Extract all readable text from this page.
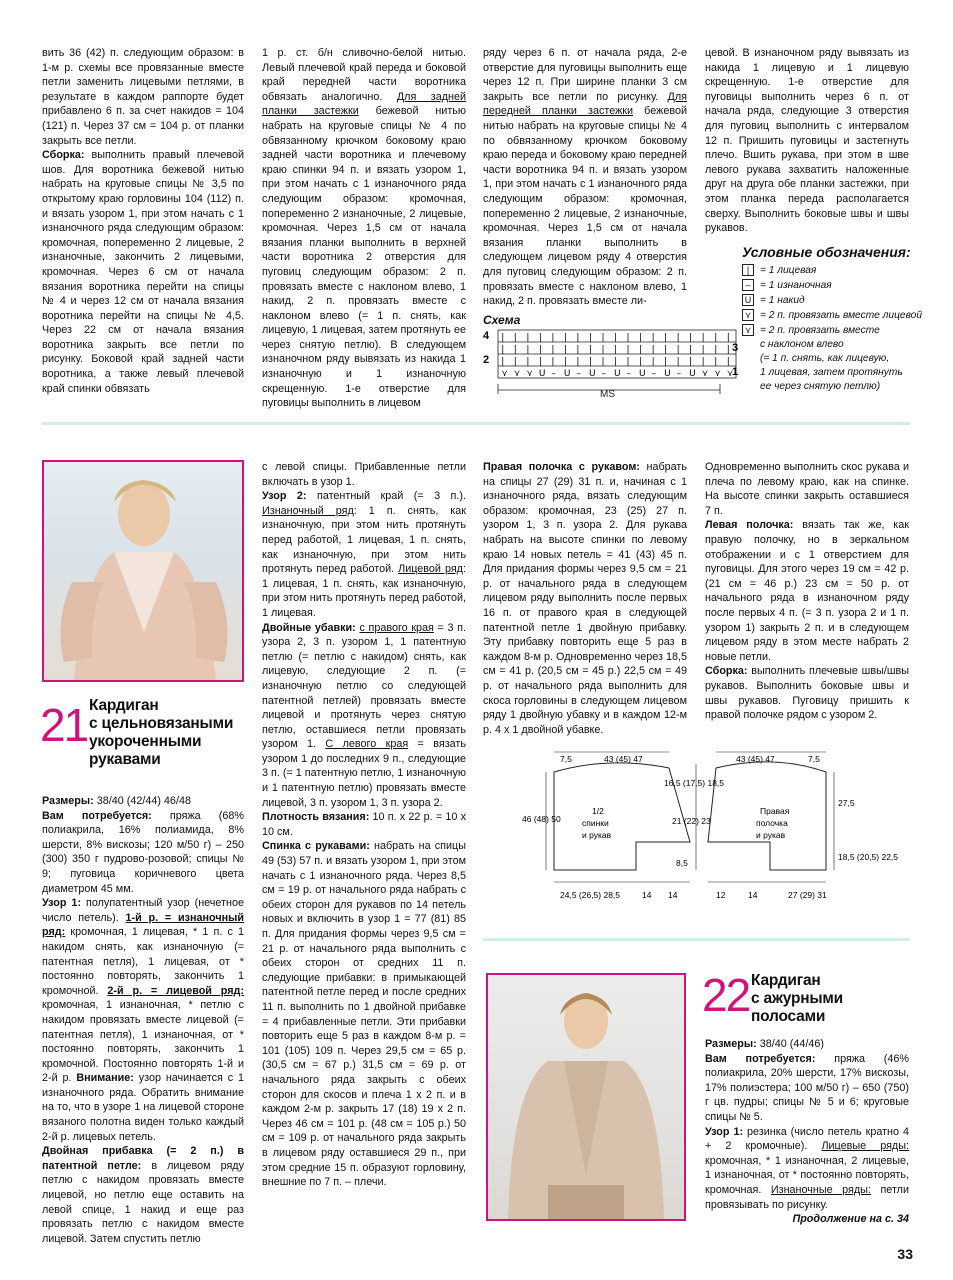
вить 36 (42) п. следующим образом: в 1-м р. схемы все провязанные вместе петли заменить лицевыми петлями, в результате в каждом раппорте будет прибавлено 6 п. за счет накидов = 104 (121) п. Через 37 см = 104 р. от планки закрыть все петли.

Сборка: выполнить правый плечевой шов. Для воротника бежевой нитью набрать на круговые спицы № 3,5 по открытому краю горловины 104 (112) п. и вязать узором 1, при этом начать с 1 изнаночного ряда следующим образом: кромочная, попеременно 2 лицевые, 2 изнаночные, закончить 2 лицевыми, кромочная. Через 6 см от начала вязания воротника перейти на спицы № 4 и через 12 см от начала вязания воротника перейти на спицы № 4,5. Через 22 см от начала вязания воротника закрыть все петли по рисунку. Боковой край задней части воротника, а также левый плечевой край спинки обвязать

1 р. ст. б/н сливочно-белой нитью. Левый плечевой край переда и боковой край передней части воротника обвязать аналогично. Для задней планки застежки бежевой нитью набрать на круговые спицы № 4 по обвязанному крючком боковому краю задней части воротника и плечевому краю спинки 94 п. и вязать узором 1, при этом начать с 1 изнаночного ряда следующим образом: кромочная, попеременно 2 изнаночные, 2 лицевые, кромочная. Через 1,5 см от начала вязания планки выполнить в верхней части воротника 2 отверстия для пуговиц следующим образом: 2 п. провязать вместе с наклоном влево, 1 накид, 2 п. провязать вместе с наклоном влево (= 1 п. снять, как лицевую, 1 лицевая, затем протянуть ее через снятую петлю). В следующем изнаночном ряду вывязать из накида 1 изнаночную и 1 изнаночную скрещенную. 1-е отверстие для пуговицы выполнить в лицевом

ряду через 6 п. от начала ряда, 2-е отверстие для пуговицы выполнить еще через 12 п. При ширине планки 3 см закрыть все петли по рисунку. Для передней планки застежки бежевой нитью набрать на круговые спицы № 4 по обвязанному крючком боковому краю переда и боковому краю передней части воротника 94 п. и вязать узором 1, при этом начать с 1 изнаночного ряда следующим образом: кромочная, попеременно 2 лицевые, 2 изнаночные, кромочная. Через 1,5 см от начала вязания планки выполнить в следующем лицевом ряду 4 отверстия для пуговиц следующим образом: 2 п. провязать вместе с наклоном влево, 1 накид, 2 п. провязать вместе ли-

цевой. В изнаночном ряду вывязать из накида 1 лицевую и 1 лицевую скрещенную. 1-е отверстие для пуговицы выполнить через 6 п. от начала ряда, следующие 3 отверстия для пуговиц выполнить с интервалом 12 п. Пришить пуговицы и застегнуть плечо. Вшить рукава, при этом в шве левого рукава захватить наложенные друг на друга обе планки застежки, при этом планка переда располагается сверху. Выполнить боковые швы и швы рукавов.

Условные обозначения:
|	= 1 лицевая
– = 1 изнаночная
U = 1 накид
⋎ = 2 п. провязать вместе лицевой
⋎ = 2 п. провязать вместе
с наклоном влево
(= 1 п. снять, как лицевую,
1 лицевая, затем протянуть
ее через снятую петлю)
Схема
| | | | | | | | | | | | | | | | | | |
| | | | | | | | | | | | | | | | | | |
| | | | | | | | | | | | | | | | | | |
⋎ ⋎ ⋎ U – U – U – U – U – U – U ⋎ ⋎ ⋎
4
2
3
1
MS
21 Кардиган
с цельновязаными
укороченными
рукавами

Размеры: 38/40 (42/44) 46/48

Вам потребуется: пряжа (68% полиакрила, 16% полиамида, 8% шерсти, 8% вискозы; 120 м/50 г) – 250 (300) 350 г пудрово-розовой; спицы № 9; пуговица коричневого цвета диаметром 45 мм.

Узор 1: полупатентный узор (нечетное число петель). 1-й р. = изнаночный ряд: кромочная, 1 лицевая, * 1 п. с 1 накидом снять, как изнаночную (= патентная петля), 1 лицевая, от * постоянно повторять, закончить 1 кромочной. 2-й р. = лицевой ряд: кромочная, 1 изнаночная, * петлю с накидом провязать вместе лицевой (= патентная петля), 1 изнаночная, от * постоянно повторять, закончить 1 кромочной. Постоянно повторять 1-й и 2-й р. Внимание: узор начинается с 1 изнаночного ряда. Обратить внимание на то, что в узоре 1 на лицевой стороне вязаного полотна виден только каждый 2-й р. лицевых петель.

Двойная прибавка (= 2 п.) в патентной петле: в лицевом ряду петлю с накидом провязать вместе лицевой, но петлю еще оставить на левой спице, 1 накид и еще раз провязать петлю с накидом вместе лицевой. Затем спустить петлю

с левой спицы. Прибавленные петли включать в узор 1.

Узор 2: патентный край (= 3 п.). Изнаночный ряд: 1 п. снять, как изнаночную, при этом нить протянуть перед работой, 1 лицевая, 1 п. снять, как изнаночную, при этом нить протянуть перед работой. Лицевой ряд: 1 лицевая, 1 п. снять, как изнаночную, при этом нить протянуть перед работой, 1 лицевая.

Двойные убавки: с правого края = 3 п. узора 2, 3 п. узором 1, 1 патентную петлю (= петлю с накидом) снять, как лицевую, следующие 2 п. (= изнаночную петлю со следующей патентной петлей) провязать вместе лицевой и протянуть через снятую петлю, оставшиеся петли провязать узором 1. С левого края = вязать узором 1 до последних 9 п., следующие 3 п. (= 1 патентную петлю, 1 изнаночную и 1 патентную петлю) провязать вместе лицевой, 3 п. узором 1, 3 п. узора 2.

Плотность вязания: 10 п. х 22 р. = 10 х 10 см.

Спинка с рукавами: набрать на спицы 49 (53) 57 п. и вязать узором 1, при этом начать с 1 изнаночного ряда. Через 8,5 см = 19 р. от начального ряда набрать с обеих сторон для рукавов по 14 петель новых и включить в узор 1 = 77 (81) 85 п. Для придания формы через 9,5 см = 21 р. от начального ряда выполнить с обеих сторон от средних 11 п. следующие прибавки: в примыкающей патентной петле перед и после средних 11 п. выполнить по 1 двойной прибавке = 4 прибавленные петли. Эти прибавки повторить еще 5 раз в каждом 8-м р. = 101 (105) 109 п. Через 29,5 см = 65 р. (30,5 см = 67 р.) 31,5 см = 69 р. от начального ряда закрыть с обеих сторон для скосов и плеча 1 х 2 п. и в каждом 2-м р. закрыть 17 (18) 19 х 2 п. Через 46 см = 101 р. (48 см = 105 р.) 50 см = 109 р. от начального ряда закрыть в лицевом ряду оставшиеся 29 п., при этом средние 15 п. образуют горловину, внешние по 7 п. – плечи.

Правая полочка с рукавом: набрать на спицы 27 (29) 31 п. и, начиная с 1 изнаночного ряда, вязать следующим образом: кромочная, 23 (25) 27 п. узором 1, 3 п. узора 2. Для рукава набрать на высоте спинки по левому краю 14 новых петель = 41 (43) 45 п. Для придания формы через 9,5 см = 21 р. от начального ряда в следующем лицевом ряду выполнить после первых 16 п. от правого края в следующей патентной петле 1 двойную прибавку. Эту прибавку повторить еще 5 раз в каждом 8-м р. Одновременно через 18,5 см = 41 р. (20,5 см = 45 р.) 22,5 см = 49 р. от начального ряда выполнить для скоса горловины в следующем лицевом ряду 1 двойную убавку и в каждом 12-м р. 4 х 1 двойной убавке.

Одновременно выполнить скос рукава и плеча по левому краю, как на спинке. На высоте спинки закрыть оставшиеся 7 п.

Левая полочка: вязать так же, как правую полочку, но в зеркальном отображении и с 1 отверстием для пуговицы. Для этого через 19 см = 42 р. (21 см = 46 р.) 23 см = 50 р. от начального ряда в изнаночном ряду после первых 4 п. (= 3 п. узора 2 и 1 п. узором 1) закрыть 2 п. и в следующем лицевом ряду в этом месте набрать 2 новые петли.

Сборка: выполнить плечевые швы/швы рукавов. Выполнить боковые швы и швы рукавов. Пуговицу пришить к правой полочке рядом с узором 2.

1/2
спинки
и рукав
Правая
полочка
и рукав
7,5	43 (45) 47
46 (48) 50
16,5 (17,5) 18,5
21 (22) 23
8,5
24,5 (26,5) 28,5	14 14
43 (45) 47	7,5
27,5
18,5 (20,5) 22,5
12	14	27 (29) 31
22 Кардиган
с ажурными
полосами

Размеры: 38/40 (44/46)

Вам потребуется: пряжа (46% полиакрила, 20% шерсти, 17% вискозы, 17% полиэстера; 100 м/50 г) – 650 (750) г цв. пудры; спицы № 5 и 6; круговые спицы № 5.

Узор 1: резинка (число петель кратно 4 + 2 кромочные). Лицевые ряды: кромочная, * 1 изнаночная, 2 лицевые, 1 изнаночная, от * постоянно повторять, кромочная. Изнаночные ряды: петли провязывать по рисунку.

Продолжение на с. 34

33
